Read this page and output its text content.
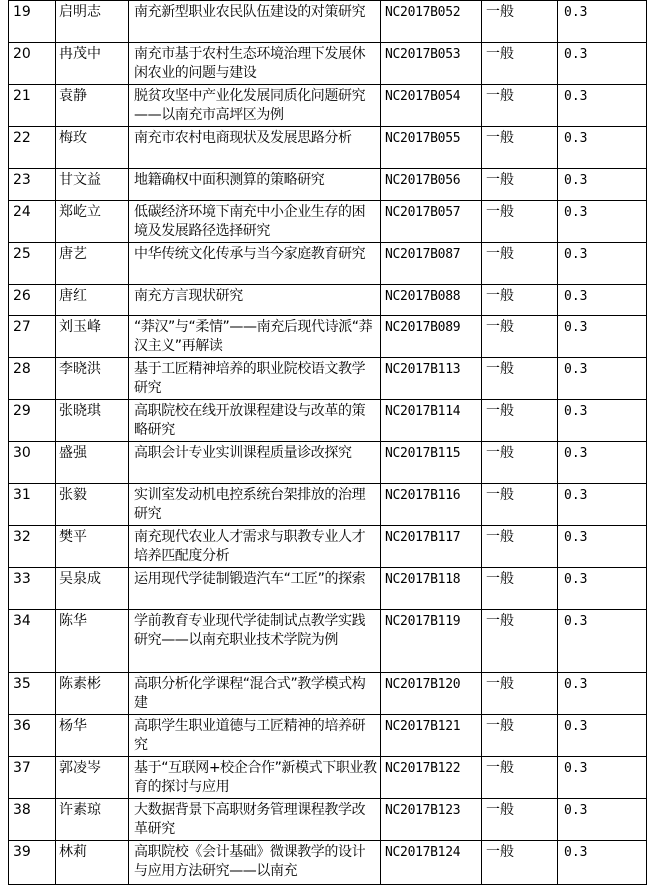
19	启明志	南充新型职业农民队伍建设的对策研究	NC2017B052	一般	0.3
20	冉茂中	南充市基于农村生态环境治理下发展休闲农业的问题与建设	NC2017B053	一般	0.3
21	袁静	脱贫攻坚中产业化发展同质化问题研究——以南充市高坪区为例	NC2017B054	一般	0.3
22	梅玫	南充市农村电商现状及发展思路分析	NC2017B055	一般	0.3
23	甘文益	地籍确权中面积测算的策略研究	NC2017B056	一般	0.3
24	郑屹立	低碳经济环境下南充中小企业生存的困境及发展路径选择研究	NC2017B057	一般	0.3
25	唐艺	中华传统文化传承与当今家庭教育研究	NC2017B087	一般	0.3
26	唐红	南充方言现状研究	NC2017B088	一般	0.3
27	刘玉峰	“莽汉”与“柔情”——南充后现代诗派“莽汉主义”再解读	NC2017B089	一般	0.3
28	李晓洪	基于工匠精神培养的职业院校语文教学研究	NC2017B113	一般	0.3
29	张晓琪	高职院校在线开放课程建设与改革的策略研究	NC2017B114	一般	0.3
30	盛强	高职会计专业实训课程质量诊改探究	NC2017B115	一般	0.3
31	张毅	实训室发动机电控系统台架排放的治理研究	NC2017B116	一般	0.3
32	樊平	南充现代农业人才需求与职教专业人才培养匹配度分析	NC2017B117	一般	0.3
33	吴泉成	运用现代学徒制锻造汽车“工匠”的探索	NC2017B118	一般	0.3
34	陈华	学前教育专业现代学徒制试点教学实践研究——以南充职业技术学院为例	NC2017B119	一般	0.3
35	陈素彬	高职分析化学课程“混合式”教学模式构建	NC2017B120	一般	0.3
36	杨华	高职学生职业道德与工匠精神的培养研究	NC2017B121	一般	0.3
37	郭凌岑	基于“互联网+校企合作”新模式下职业教育的探讨与应用	NC2017B122	一般	0.3
38	许素琼	大数据背景下高职财务管理课程教学改革研究	NC2017B123	一般	0.3
39	林莉	高职院校《会计基础》微课教学的设计与应用方法研究——以南充	NC2017B124	一般	0.3
